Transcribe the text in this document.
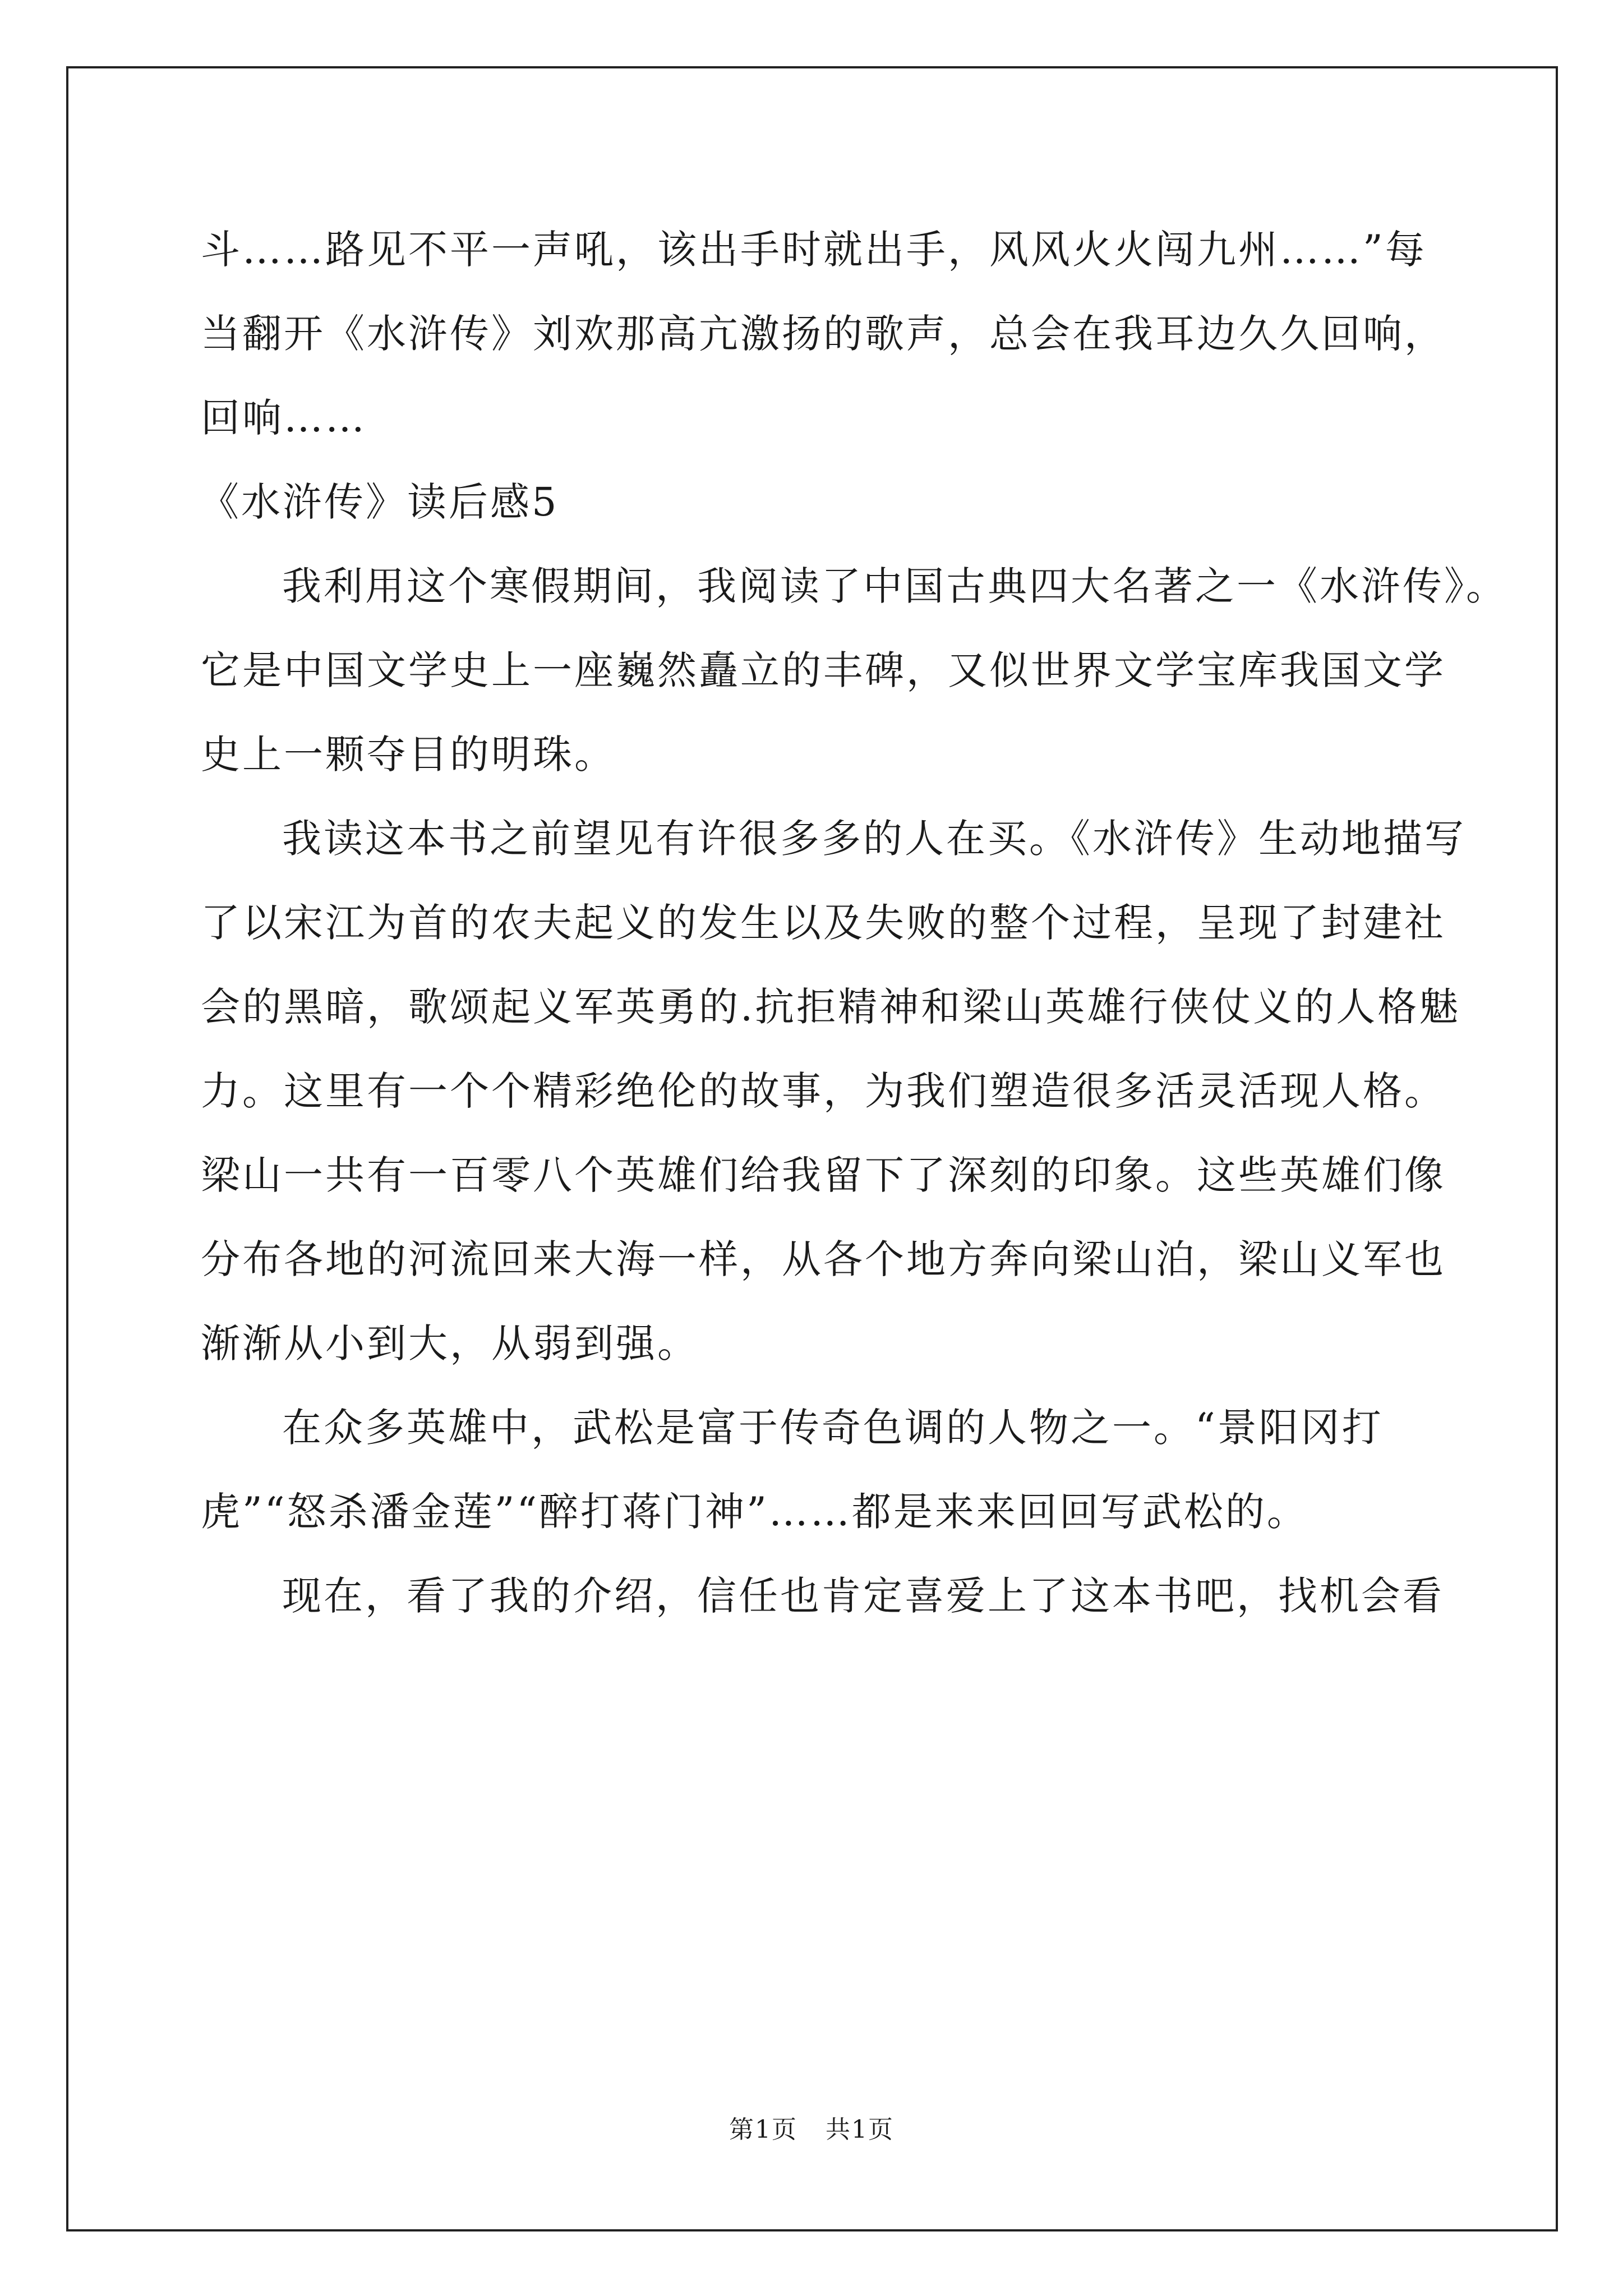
斗……路见不平一声吼，该出手时就出手，风风火火闯九州……”每
当翻开《水浒传》刘欢那高亢激扬的歌声，总会在我耳边久久回响，
回响……
《水浒传》读后感5
我利用这个寒假期间，我阅读了中国古典四大名著之一《水浒传》。
它是中国文学史上一座巍然矗立的丰碑，又似世界文学宝库我国文学
史上一颗夺目的明珠。
我读这本书之前望见有许很多多的人在买。《水浒传》生动地描写
了以宋江为首的农夫起义的发生以及失败的整个过程，呈现了封建社
会的黑暗，歌颂起义军英勇的.抗拒精神和梁山英雄行侠仗义的人格魅
力。这里有一个个精彩绝伦的故事，为我们塑造很多活灵活现人格。
梁山一共有一百零八个英雄们给我留下了深刻的印象。这些英雄们像
分布各地的河流回来大海一样，从各个地方奔向梁山泊，梁山义军也
渐渐从小到大，从弱到强。
在众多英雄中，武松是富于传奇色调的人物之一。“景阳冈打
虎”“怒杀潘金莲”“醉打蒋门神”……都是来来回回写武松的。
现在，看了我的介绍，信任也肯定喜爱上了这本书吧，找机会看
第1页 共1页
